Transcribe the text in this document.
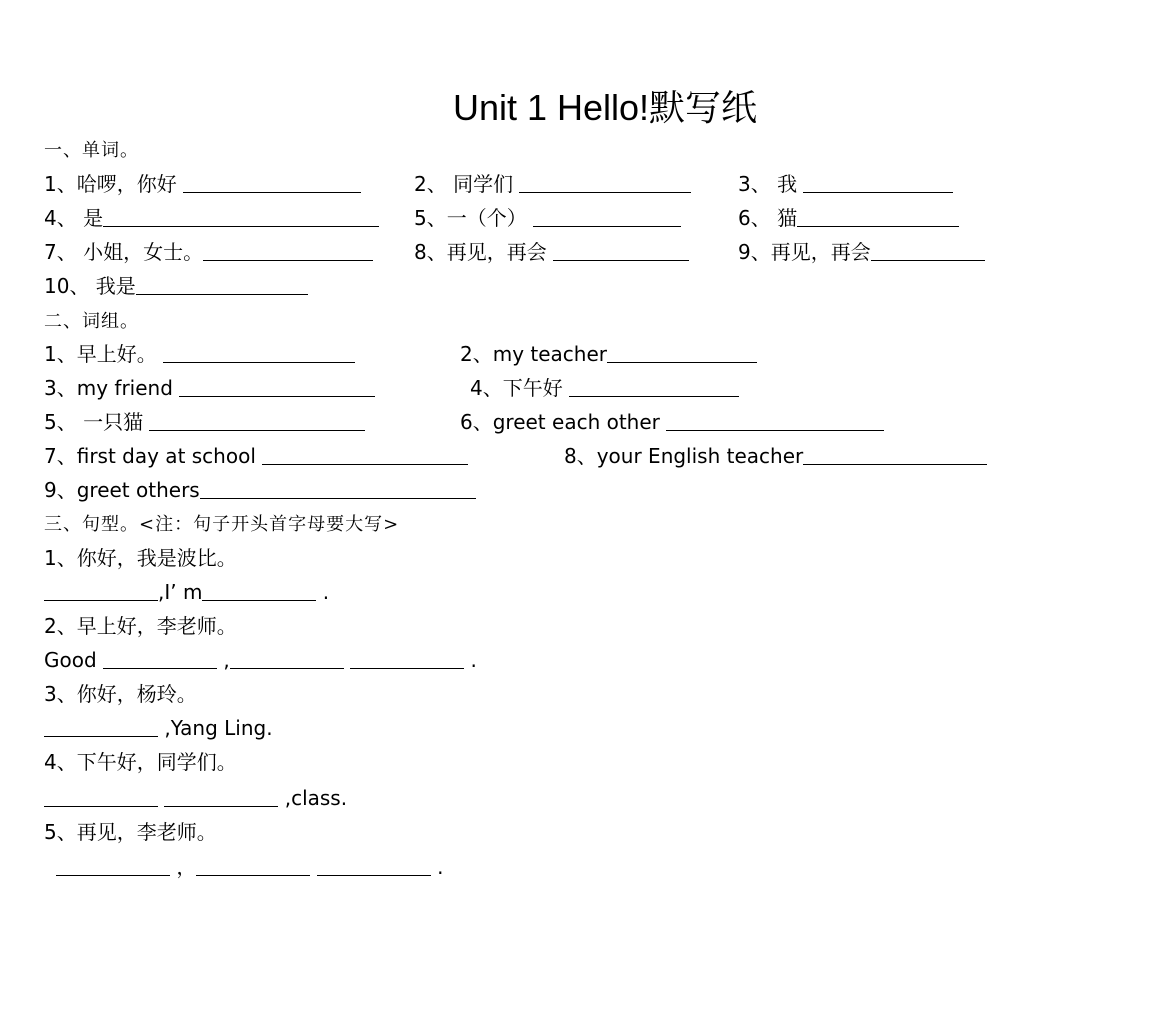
Unit 1 Hello!默写纸
一、单词。
1、哈啰，你好	2、 同学们	3、 我
4、 是	5、一（个）	6、 猫
7、 小姐，女士。	8、再见，再会	9、再见，再会
10、 我是
二、词组。
1、早上好。	2、my teacher
3、my friend	4、下午好
5、 一只猫	6、greet each other
7、first day at school	8、your English teacher
9、greet others
三、句型。<注：句子开头首字母要大写>
1、你好，我是波比。
,I’ m	.
2、早上好，李老师。
Good	,	.
3、你好，杨玲。
,Yang Ling.
4、下午好，同学们。
,class.
5、再见，李老师。
，	.
